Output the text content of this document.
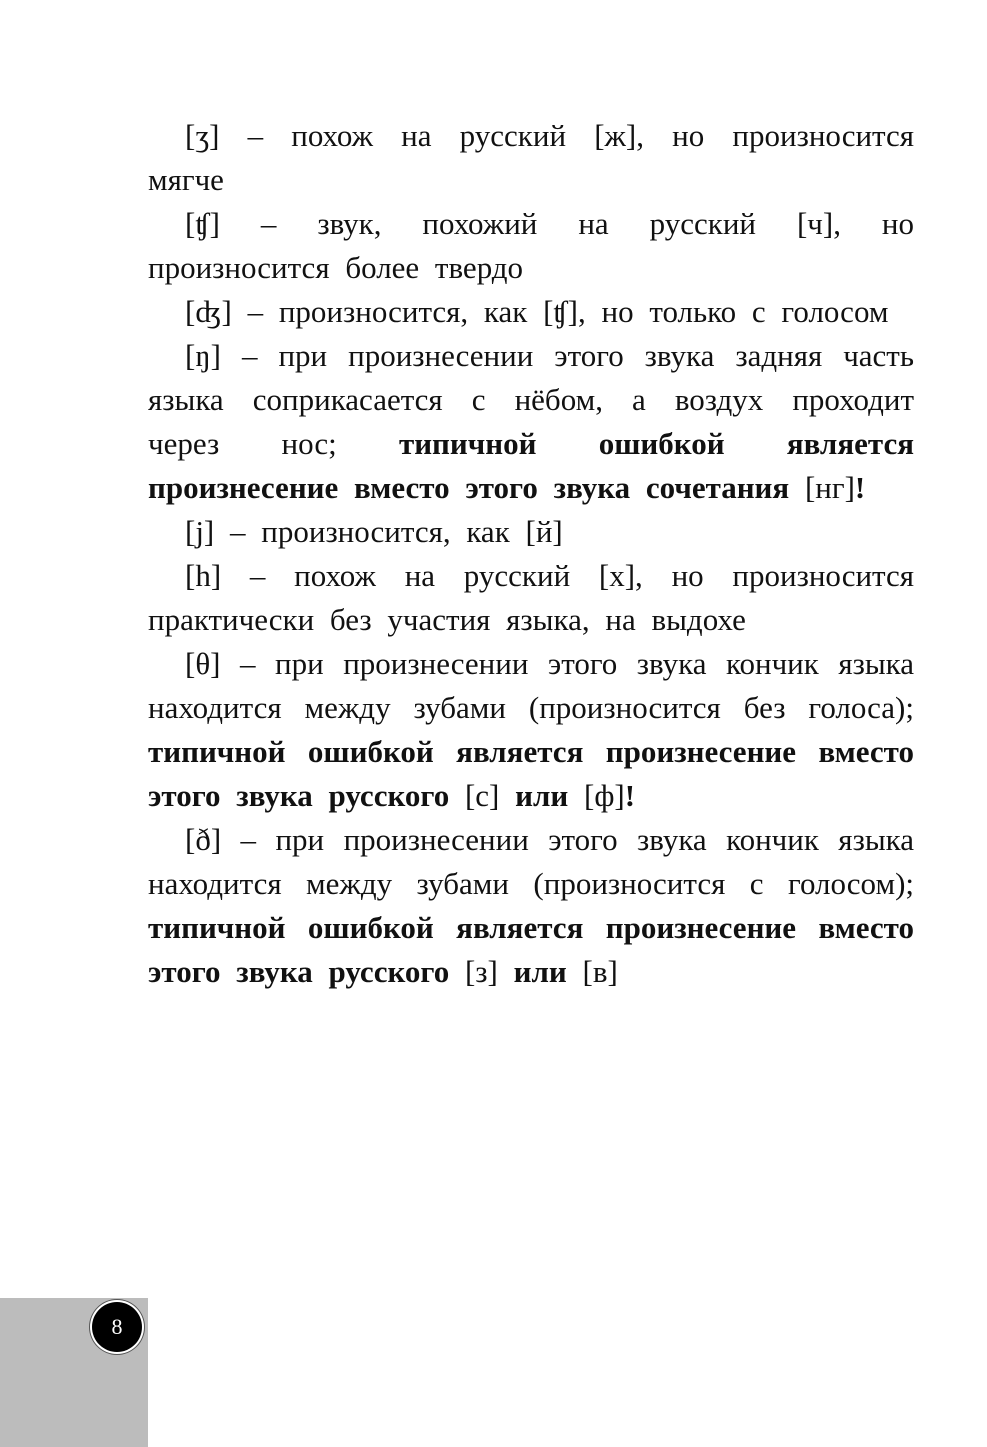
[ʒ] – похож на русский [ж], но произносится мягче

[ʧ] – звук, похожий на русский [ч], но произносится более твердо

[ʤ] – произносится, как [ʧ], но только с голосом

[ŋ] – при произнесении этого звука задняя часть языка соприкасается с нёбом, а воздух проходит через нос; типичной ошибкой является произнесение вместо этого звука сочетания [нг]!

[j] – произносится, как [й]

[h] – похож на русский [х], но произносится практически без участия языка, на выдохе

[θ] – при произнесении этого звука кончик языка находится между зубами (произносится без голоса); типичной ошибкой является произнесение вместо этого звука русского [с] или [ф]!

[ð] – при произнесении этого звука кончик языка находится между зубами (произносится с голосом); типичной ошибкой является произнесение вместо этого звука русского [з] или [в]

8
